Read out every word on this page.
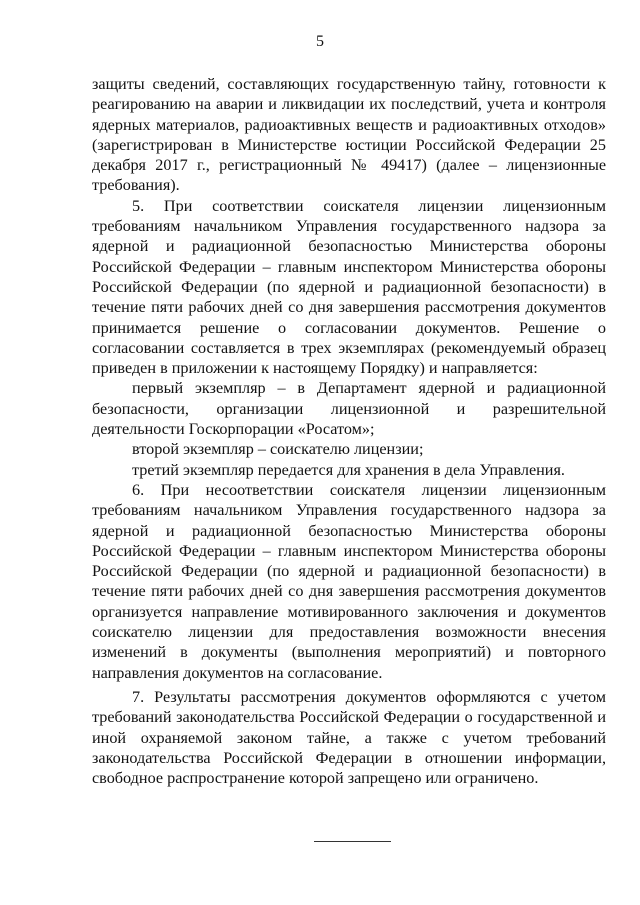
5

защиты сведений, составляющих государственную тайну, готовности к реагированию на аварии и ликвидации их последствий, учета и контроля ядерных материалов, радиоактивных веществ и радиоактивных отходов» (зарегистрирован в Министерстве юстиции Российской Федерации 25 декабря 2017 г., регистрационный № 49417) (далее – лицензионные требования).

5. При соответствии соискателя лицензии лицензионным требованиям начальником Управления государственного надзора за ядерной и радиационной безопасностью Министерства обороны Российской Федерации – главным инспектором Министерства обороны Российской Федерации (по ядерной и радиационной безопасности) в течение пяти рабочих дней со дня завершения рассмотрения документов принимается решение о согласовании документов. Решение о согласовании составляется в трех экземплярах (рекомендуемый образец приведен в приложении к настоящему Порядку) и направляется:

первый экземпляр – в Департамент ядерной и радиационной безопасности, организации лицензионной и разрешительной деятельности Госкорпорации «Росатом»;

второй экземпляр – соискателю лицензии;

третий экземпляр передается для хранения в дела Управления.

6. При несоответствии соискателя лицензии лицензионным требованиям начальником Управления государственного надзора за ядерной и радиационной безопасностью Министерства обороны Российской Федерации – главным инспектором Министерства обороны Российской Федерации (по ядерной и радиационной безопасности) в течение пяти рабочих дней со дня завершения рассмотрения документов организуется направление мотивированного заключения и документов соискателю лицензии для предоставления возможности внесения изменений в документы (выполнения мероприятий) и повторного направления документов на согласование.

7. Результаты рассмотрения документов оформляются с учетом требований законодательства Российской Федерации о государственной и иной охраняемой законом тайне, а также с учетом требований законодательства Российской Федерации в отношении информации, свободное распространение которой запрещено или ограничено.
